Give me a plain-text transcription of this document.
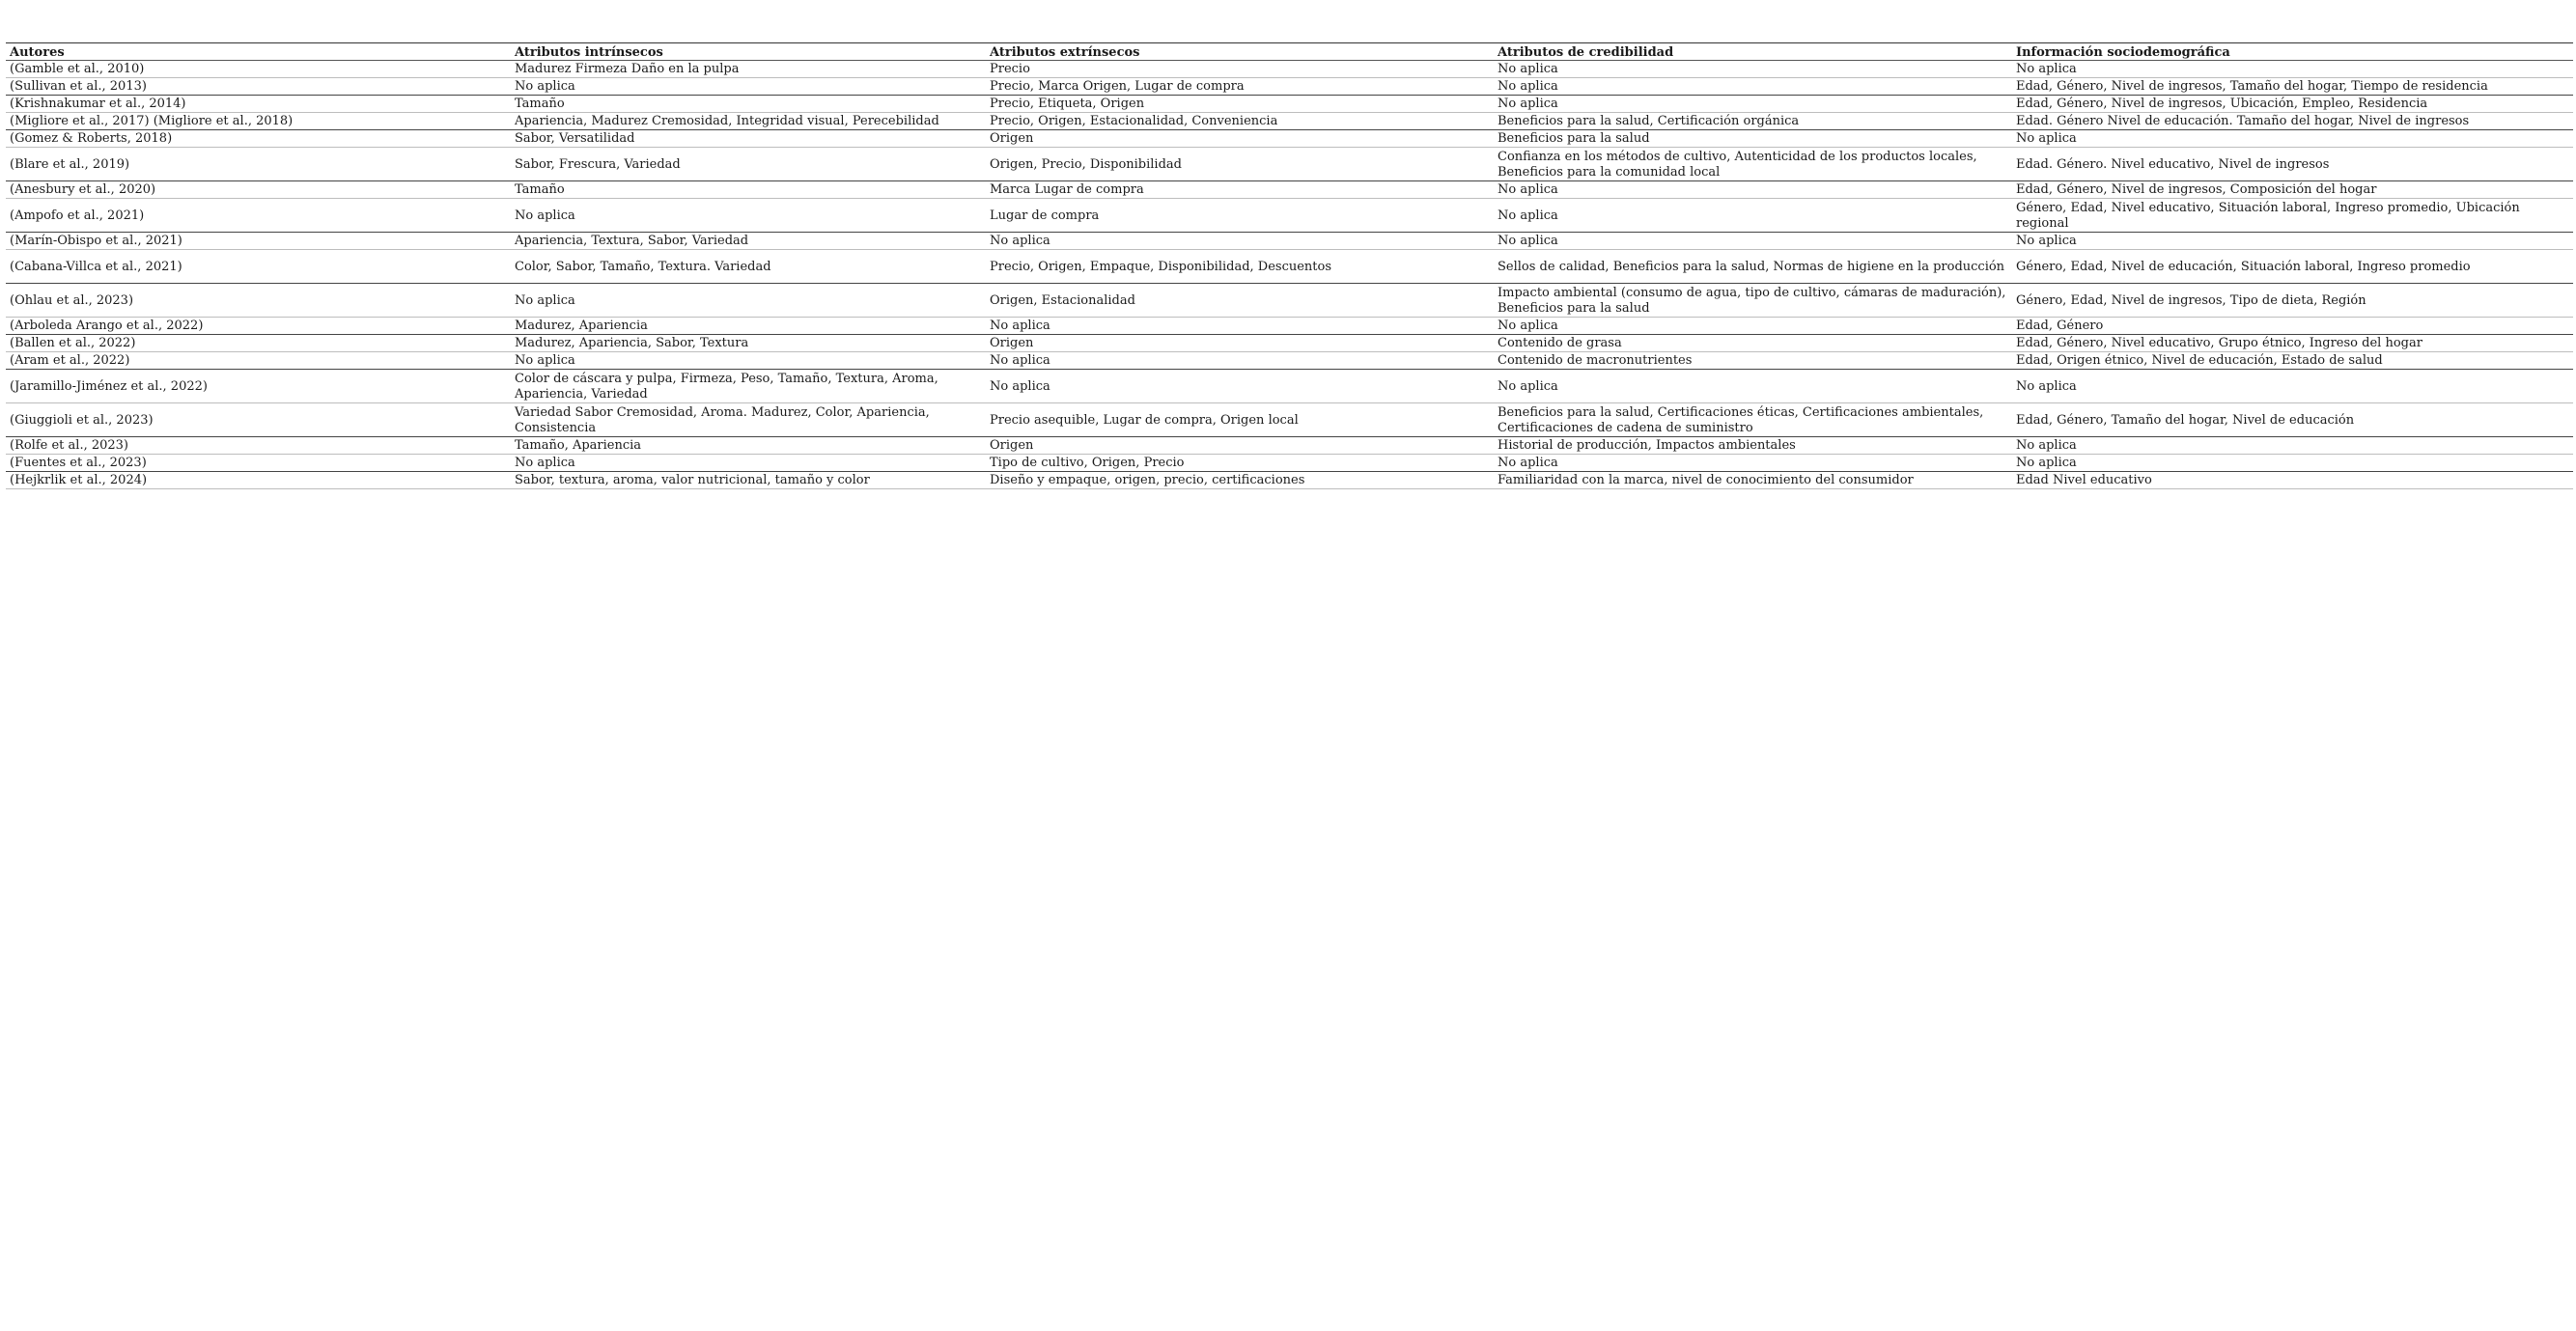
Autores	Atributos intrínsecos	Atributos extrínsecos	Atributos de credibilidad	Información sociodemográfica
(Gamble et al., 2010)	Madurez Firmeza Daño en la pulpa	Precio	No aplica	No aplica
(Sullivan et al., 2013)	No aplica	Precio, Marca Origen, Lugar de compra	No aplica	Edad, Género, Nivel de ingresos, Tamaño del hogar, Tiempo de residencia
(Krishnakumar et al., 2014)	Tamaño	Precio, Etiqueta, Origen	No aplica	Edad, Género, Nivel de ingresos, Ubicación, Empleo, Residencia
(Migliore et al., 2017) (Migliore et al., 2018)	Apariencia, Madurez Cremosidad, Integridad visual, Perecebilidad	Precio, Origen, Estacionalidad, Conveniencia	Beneficios para la salud, Certificación orgánica	Edad. Género Nivel de educación. Tamaño del hogar, Nivel de ingresos
(Gomez & Roberts, 2018)	Sabor, Versatilidad	Origen	Beneficios para la salud	No aplica
(Blare et al., 2019)	Sabor, Frescura, Variedad	Origen, Precio, Disponibilidad	Confianza en los métodos de cultivo, Autenticidad de los productos locales, Beneficios para la comunidad local	Edad. Género. Nivel educativo, Nivel de ingresos
(Anesbury et al., 2020)	Tamaño	Marca Lugar de compra	No aplica	Edad, Género, Nivel de ingresos, Composición del hogar
(Ampofo et al., 2021)	No aplica	Lugar de compra	No aplica	Género, Edad, Nivel educativo, Situación laboral, Ingreso promedio, Ubicación regional
(Marín-Obispo et al., 2021)	Apariencia, Textura, Sabor, Variedad	No aplica	No aplica	No aplica
(Cabana-Villca et al., 2021)	Color, Sabor, Tamaño, Textura. Variedad	Precio, Origen, Empaque, Disponibilidad, Descuentos	Sellos de calidad, Beneficios para la salud, Normas de higiene en la producción	Género, Edad, Nivel de educación, Situación laboral, Ingreso promedio
(Ohlau et al., 2023)	No aplica	Origen, Estacionalidad	Impacto ambiental (consumo de agua, tipo de cultivo, cámaras de maduración), Beneficios para la salud	Género, Edad, Nivel de ingresos, Tipo de dieta, Región
(Arboleda Arango et al., 2022)	Madurez, Apariencia	No aplica	No aplica	Edad, Género
(Ballen et al., 2022)	Madurez, Apariencia, Sabor, Textura	Origen	Contenido de grasa	Edad, Género, Nivel educativo, Grupo étnico, Ingreso del hogar
(Aram et al., 2022)	No aplica	No aplica	Contenido de macronutrientes	Edad, Origen étnico, Nivel de educación, Estado de salud
(Jaramillo-Jiménez et al., 2022)	Color de cáscara y pulpa, Firmeza, Peso, Tamaño, Textura, Aroma, Apariencia, Variedad	No aplica	No aplica	No aplica
(Giuggioli et al., 2023)	Variedad Sabor Cremosidad, Aroma. Madurez, Color, Apariencia, Consistencia	Precio asequible, Lugar de compra, Origen local	Beneficios para la salud, Certificaciones éticas, Certificaciones ambientales, Certificaciones de cadena de suministro	Edad, Género, Tamaño del hogar, Nivel de educación
(Rolfe et al., 2023)	Tamaño, Apariencia	Origen	Historial de producción, Impactos ambientales	No aplica
(Fuentes et al., 2023)	No aplica	Tipo de cultivo, Origen, Precio	No aplica	No aplica
(Hejkrlik et al., 2024)	Sabor, textura, aroma, valor nutricional, tamaño y color	Diseño y empaque, origen, precio, certificaciones	Familiaridad con la marca, nivel de conocimiento del consumidor	Edad Nivel educativo
